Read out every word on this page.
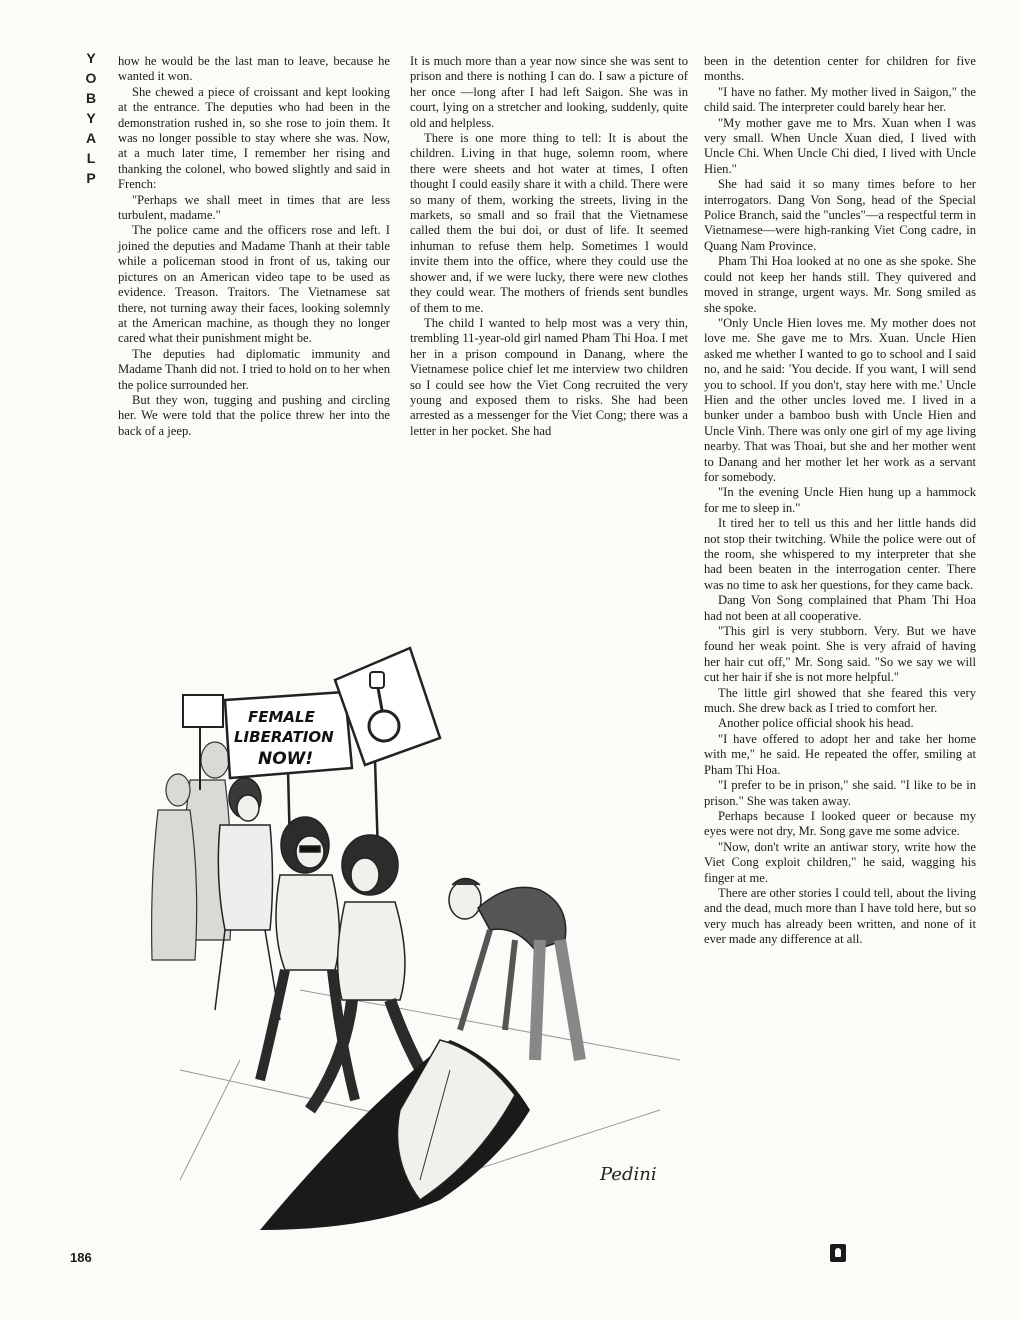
Y
O
B
Y
A
L
P

how he would be the last man to leave, because he wanted it won.

She chewed a piece of croissant and kept looking at the entrance. The deputies who had been in the demonstration rushed in, so she rose to join them. It was no longer possible to stay where she was. Now, at a much later time, I remember her rising and thanking the colonel, who bowed slightly and said in French:

"Perhaps we shall meet in times that are less turbulent, madame."

The police came and the officers rose and left. I joined the deputies and Madame Thanh at their table while a policeman stood in front of us, taking our pictures on an American video tape to be used as evidence. Treason. Traitors. The Vietnamese sat there, not turning away their faces, looking solemnly at the American machine, as though they no longer cared what their punishment might be.

The deputies had diplomatic immunity and Madame Thanh did not. I tried to hold on to her when the police surrounded her.

But they won, tugging and pushing and circling her. We were told that the police threw her into the back of a jeep.

It is much more than a year now since she was sent to prison and there is nothing I can do. I saw a picture of her once —long after I had left Saigon. She was in court, lying on a stretcher and looking, suddenly, quite old and helpless.

There is one more thing to tell: It is about the children. Living in that huge, solemn room, where there were sheets and hot water at times, I often thought I could easily share it with a child. There were so many of them, working the streets, living in the markets, so small and so frail that the Vietnamese called them the bui doi, or dust of life. It seemed inhuman to refuse them help. Sometimes I would invite them into the office, where they could use the shower and, if we were lucky, there were new clothes they could wear. The mothers of friends sent bundles of them to me.

The child I wanted to help most was a very thin, trembling 11-year-old girl named Pham Thi Hoa. I met her in a prison compound in Danang, where the Vietnamese police chief let me interview two children so I could see how the Viet Cong recruited the very young and exposed them to risks. She had been arrested as a messenger for the Viet Cong; there was a letter in her pocket. She had

been in the detention center for children for five months.

"I have no father. My mother lived in Saigon," the child said. The interpreter could barely hear her.

"My mother gave me to Mrs. Xuan when I was very small. When Uncle Xuan died, I lived with Uncle Chi. When Uncle Chi died, I lived with Uncle Hien."

She had said it so many times before to her interrogators. Dang Von Song, head of the Special Police Branch, said the "uncles"—a respectful term in Vietnamese—were high-ranking Viet Cong cadre, in Quang Nam Province.

Pham Thi Hoa looked at no one as she spoke. She could not keep her hands still. They quivered and moved in strange, urgent ways. Mr. Song smiled as she spoke.

"Only Uncle Hien loves me. My mother does not love me. She gave me to Mrs. Xuan. Uncle Hien asked me whether I wanted to go to school and I said no, and he said: 'You decide. If you want, I will send you to school. If you don't, stay here with me.' Uncle Hien and the other uncles loved me. I lived in a bunker under a bamboo bush with Uncle Hien and Uncle Vinh. There was only one girl of my age living nearby. That was Thoai, but she and her mother went to Danang and her mother let her work as a servant for somebody.

"In the evening Uncle Hien hung up a hammock for me to sleep in."

It tired her to tell us this and her little hands did not stop their twitching. While the police were out of the room, she whispered to my interpreter that she had been beaten in the interrogation center. There was no time to ask her questions, for they came back.

Dang Von Song complained that Pham Thi Hoa had not been at all cooperative.

"This girl is very stubborn. Very. But we have found her weak point. She is very afraid of having her hair cut off," Mr. Song said. "So we say we will cut her hair if she is not more helpful."

The little girl showed that she feared this very much. She drew back as I tried to comfort her.

Another police official shook his head.

"I have offered to adopt her and take her home with me," he said. He repeated the offer, smiling at Pham Thi Hoa.

"I prefer to be in prison," she said. "I like to be in prison." She was taken away.

Perhaps because I looked queer or because my eyes were not dry, Mr. Song gave me some advice.

"Now, don't write an antiwar story, write how the Viet Cong exploit children," he said, wagging his finger at me.

There are other stories I could tell, about the living and the dead, much more than I have told here, but so very much has already been written, and none of it ever made any difference at all.

FEMALE
LIBERATION
NOW!
Pedini
186
